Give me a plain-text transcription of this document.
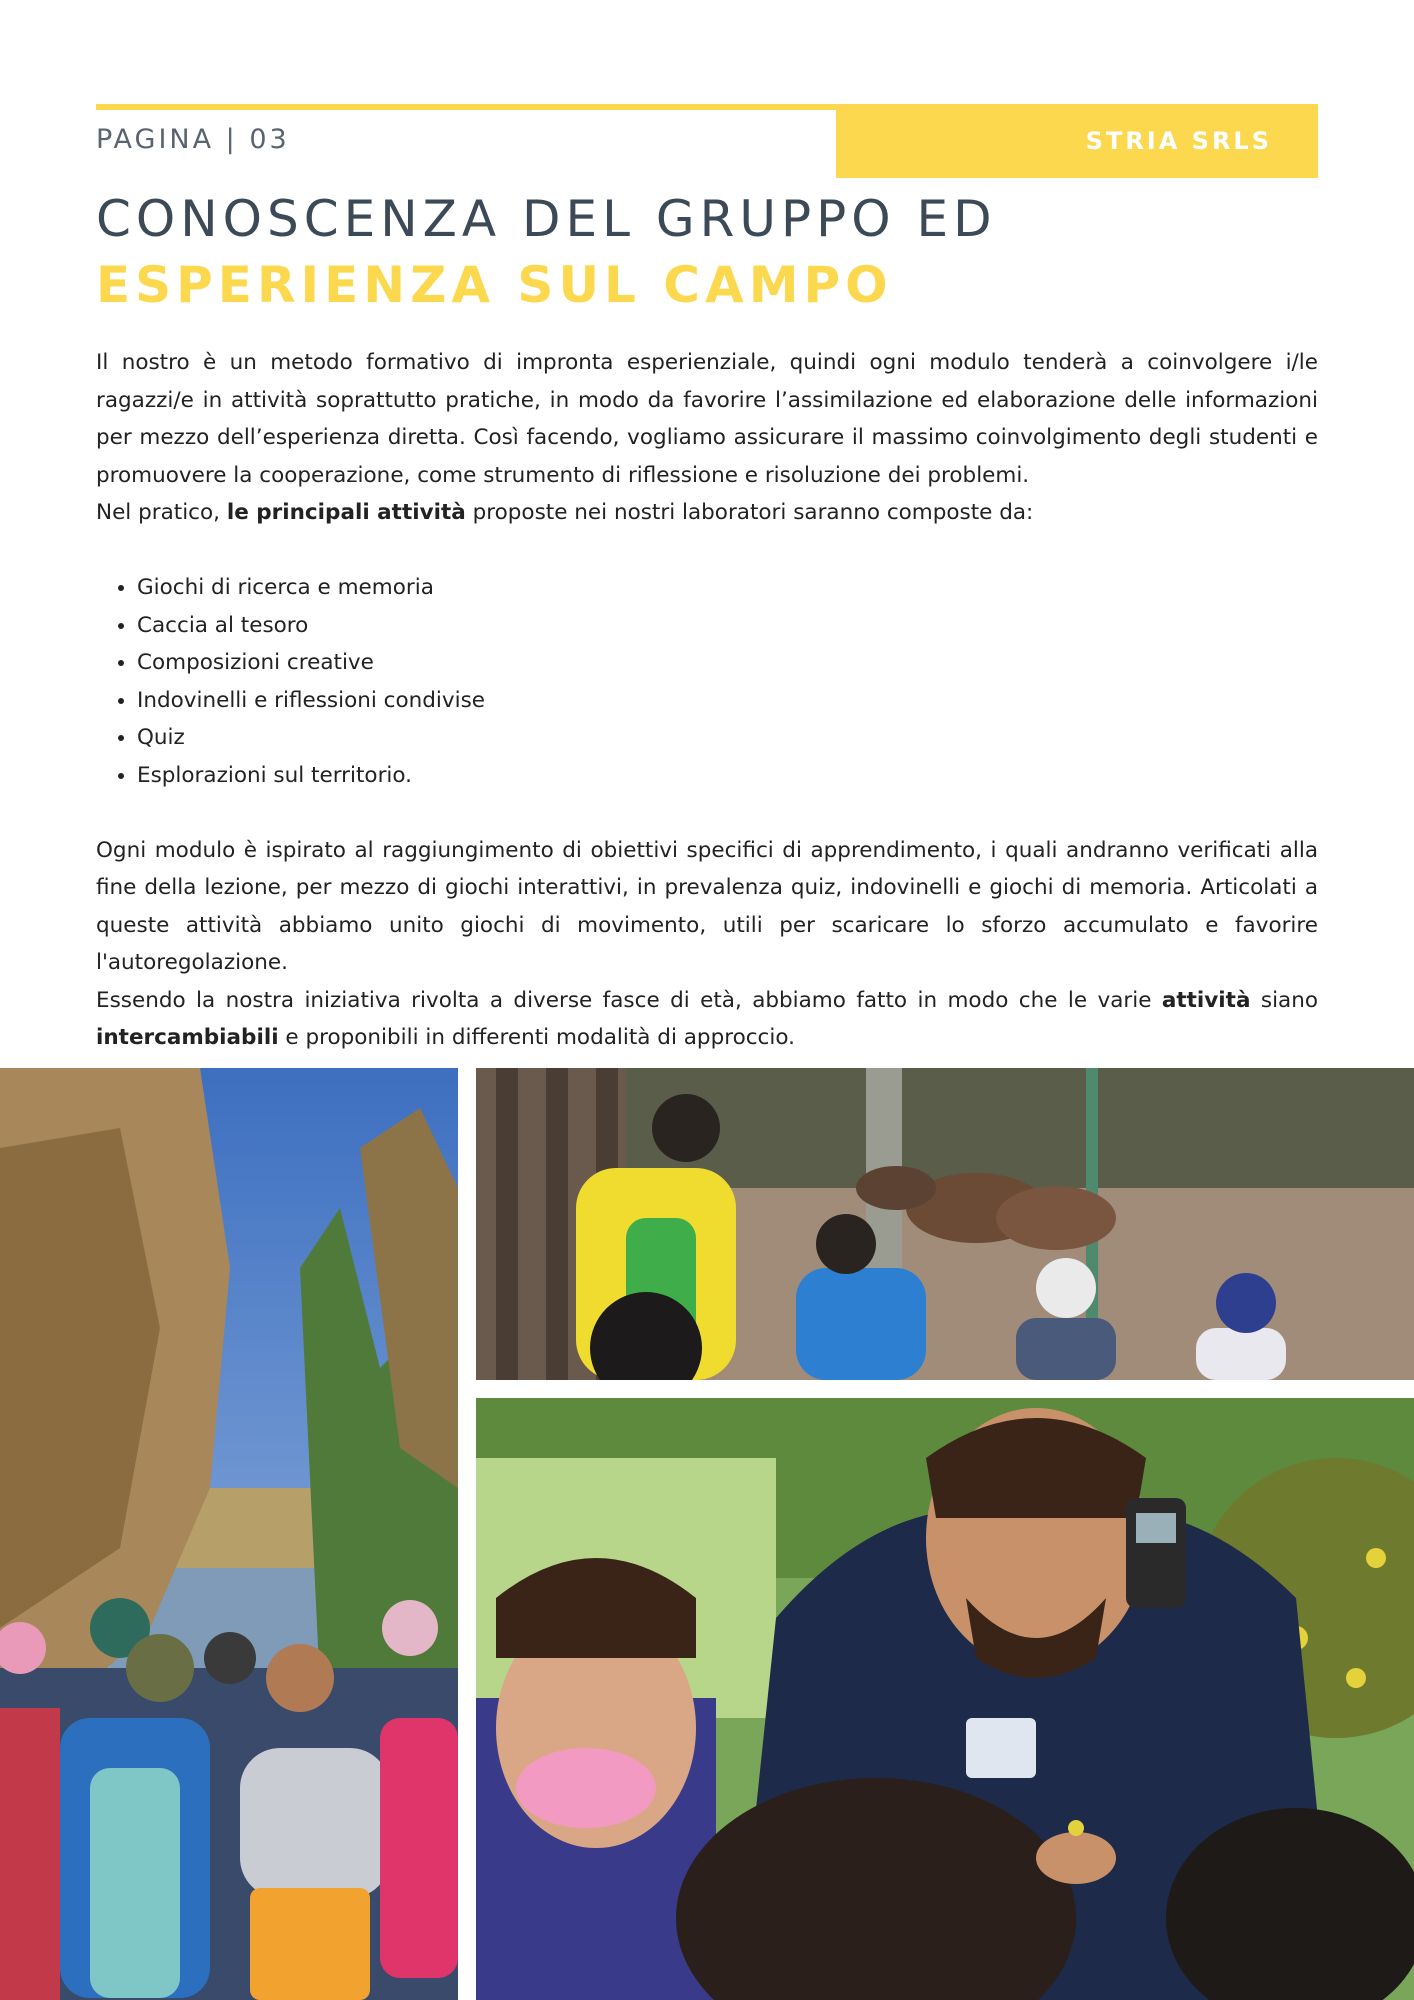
STRIA SRLS
PAGINA | 03
CONOSCENZA DEL GRUPPO ED
ESPERIENZA SUL CAMPO

Il nostro è un metodo formativo di impronta esperienziale, quindi ogni modulo tenderà a coinvolgere i/le ragazzi/e in attività soprattutto pratiche, in modo da favorire l’assimilazione ed elaborazione delle informazioni per mezzo dell’esperienza diretta. Così facendo, vogliamo assicurare il massimo coinvolgimento degli studenti e promuovere la cooperazione, come strumento di riflessione e risoluzione dei problemi.

Nel pratico, le principali attività proposte nei nostri laboratori saranno composte da:

• Giochi di ricerca e memoria
• Caccia al tesoro
• Composizioni creative
• Indovinelli e riflessioni condivise
• Quiz
• Esplorazioni sul territorio.

Ogni modulo è ispirato al raggiungimento di obiettivi specifici di apprendimento, i quali andranno verificati alla fine della lezione, per mezzo di giochi interattivi, in prevalenza quiz, indovinelli e giochi di memoria. Articolati a queste attività abbiamo unito giochi di movimento, utili per scaricare lo sforzo accumulato e favorire l'autoregolazione.

Essendo la nostra iniziativa rivolta a diverse fasce di età, abbiamo fatto in modo che le varie attività siano intercambiabili e proponibili in differenti modalità di approccio.
